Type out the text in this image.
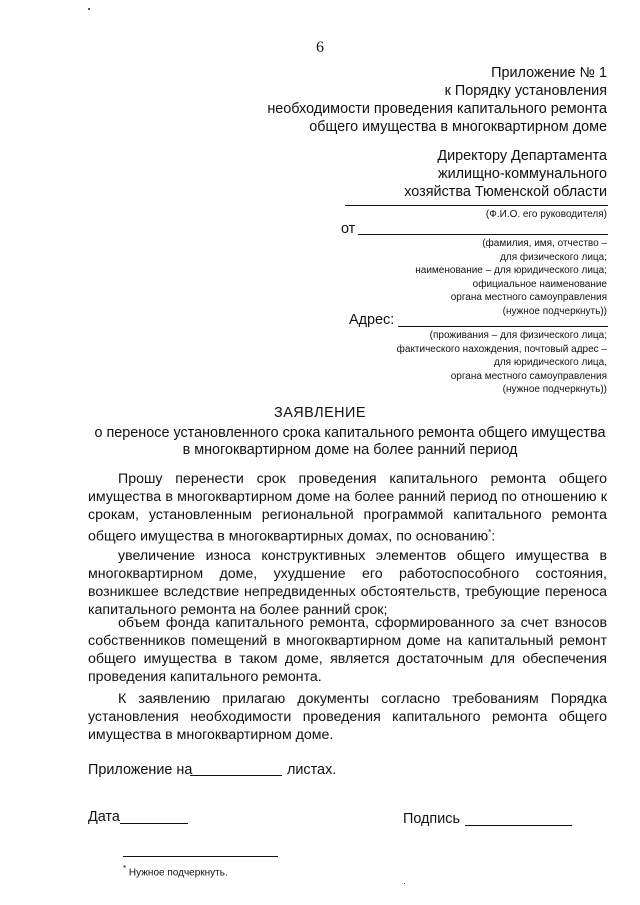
6
Приложение № 1
к Порядку установления
необходимости проведения капитального ремонта
общего имущества в многоквартирном доме
Директору Департамента
жилищно-коммунального
хозяйства Тюменской области
(Ф.И.О. его руководителя)
от
(фамилия, имя, отчество –
для физического лица;
наименование – для юридического лица;
официальное наименование
органа местного самоуправления
(нужное подчеркнуть))
Адрес:
(проживания – для физического лица;
фактического нахождения, почтовый адрес –
для юридического лица,
органа местного самоуправления
(нужное подчеркнуть))
ЗАЯВЛЕНИЕ
о переносе установленного срока капитального ремонта общего имущества
в многоквартирном доме на более ранний период
Прошу перенести срок проведения капитального ремонта общего имущества в многоквартирном доме на более ранний период по отношению к срокам, установленным региональной программой капитального ремонта общего имущества в многоквартирных домах, по основанию*:
увеличение износа конструктивных элементов общего имущества в многоквартирном доме, ухудшение его работоспособного состояния, возникшее вследствие непредвиденных обстоятельств, требующие переноса капитального ремонта на более ранний срок;
объем фонда капитального ремонта, сформированного за счет взносов собственников помещений в многоквартирном доме на капитальный ремонт общего имущества в таком доме, является достаточным для обеспечения проведения капитального ремонта.
К заявлению прилагаю документы согласно требованиям Порядка установления необходимости проведения капитального ремонта общего имущества в многоквартирном доме.
Приложение на	листах.
Дата	Подпись
* Нужное подчеркнуть.
